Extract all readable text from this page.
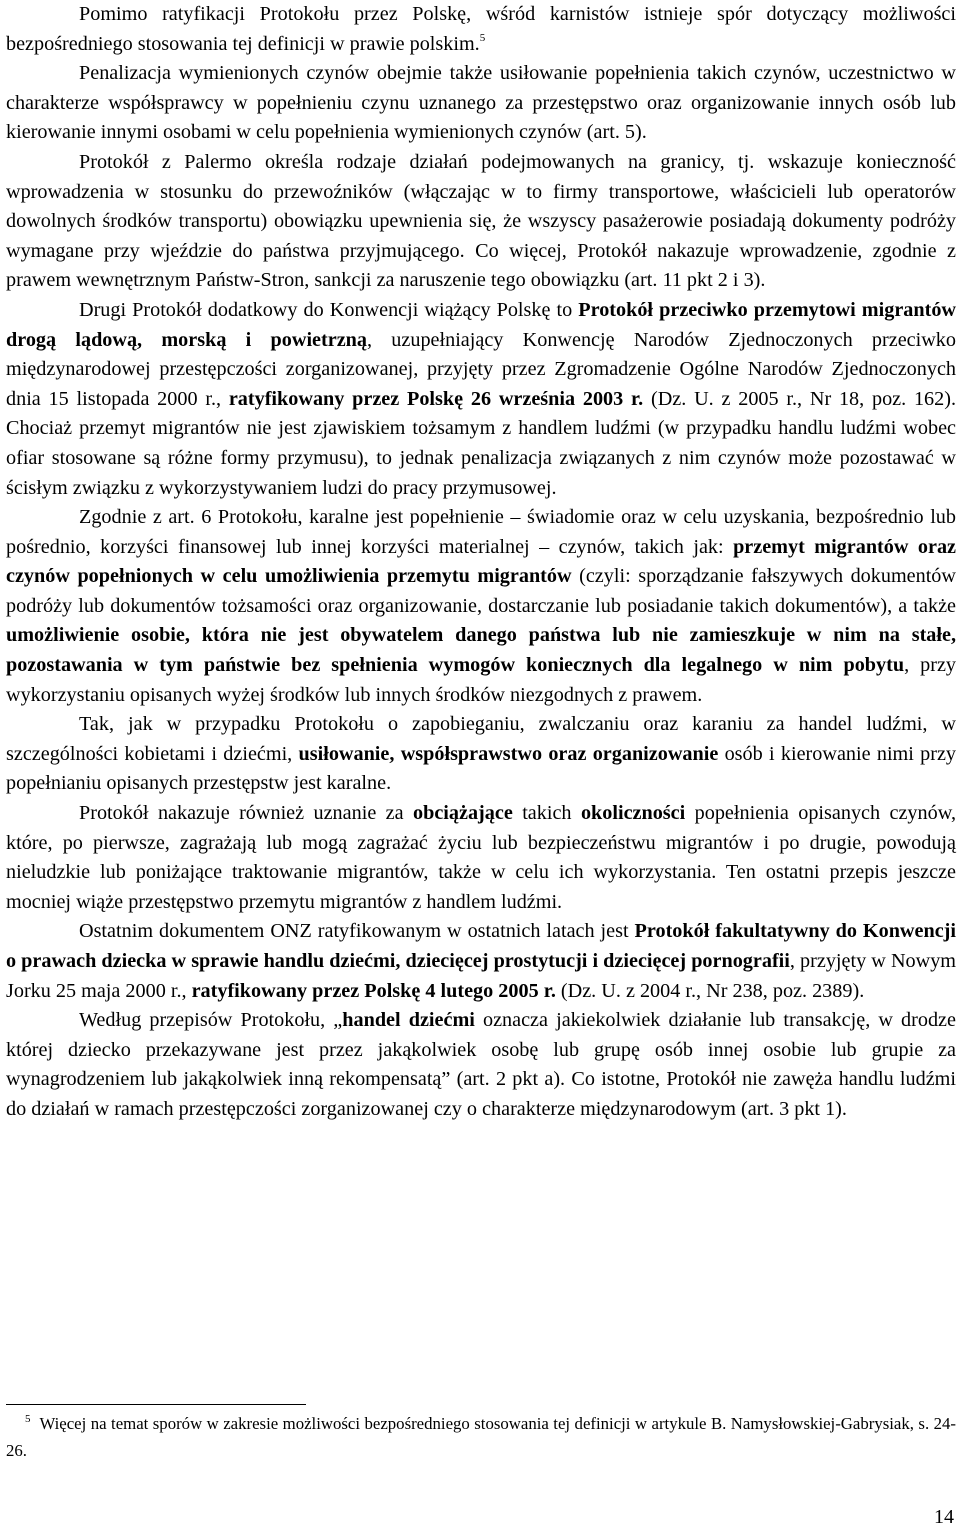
Pomimo ratyfikacji Protokołu przez Polskę, wśród karnistów istnieje spór dotyczący możliwości bezpośredniego stosowania tej definicji w prawie polskim.$^5$

Penalizacja wymienionych czynów obejmie także usiłowanie popełnienia takich czynów, uczestnictwo w charakterze współsprawcy w popełnieniu czynu uznanego za przestępstwo oraz organizowanie innych osób lub kierowanie innymi osobami w celu popełnienia wymienionych czynów (art. 5).

Protokół z Palermo określa rodzaje działań podejmowanych na granicy, tj. wskazuje konieczność wprowadzenia w stosunku do przewoźników (włączając w to firmy transportowe, właścicieli lub operatorów dowolnych środków transportu) obowiązku upewnienia się, że wszyscy pasażerowie posiadają dokumenty podróży wymagane przy wjeździe do państwa przyjmującego. Co więcej, Protokół nakazuje wprowadzenie, zgodnie z prawem wewnętrznym Państw-Stron, sankcji za naruszenie tego obowiązku (art. 11 pkt 2 i 3).

Drugi Protokół dodatkowy do Konwencji wiążący Polskę to Protokół przeciwko przemytowi migrantów drogą lądową, morską i powietrzną, uzupełniający Konwencję Narodów Zjednoczonych przeciwko międzynarodowej przestępczości zorganizowanej, przyjęty przez Zgromadzenie Ogólne Narodów Zjednoczonych dnia 15 listopada 2000 r., ratyfikowany przez Polskę 26 września 2003 r. (Dz. U. z 2005 r., Nr 18, poz. 162). Chociaż przemyt migrantów nie jest zjawiskiem tożsamym z handlem ludźmi (w przypadku handlu ludźmi wobec ofiar stosowane są różne formy przymusu), to jednak penalizacja związanych z nim czynów może pozostawać w ścisłym związku z wykorzystywaniem ludzi do pracy przymusowej.

Zgodnie z art. 6 Protokołu, karalne jest popełnienie – świadomie oraz w celu uzyskania, bezpośrednio lub pośrednio, korzyści finansowej lub innej korzyści materialnej – czynów, takich jak: przemyt migrantów oraz czynów popełnionych w celu umożliwienia przemytu migrantów (czyli: sporządzanie fałszywych dokumentów podróży lub dokumentów tożsamości oraz organizowanie, dostarczanie lub posiadanie takich dokumentów), a także umożliwienie osobie, która nie jest obywatelem danego państwa lub nie zamieszkuje w nim na stałe, pozostawania w tym państwie bez spełnienia wymogów koniecznych dla legalnego w nim pobytu, przy wykorzystaniu opisanych wyżej środków lub innych środków niezgodnych z prawem.

Tak, jak w przypadku Protokołu o zapobieganiu, zwalczaniu oraz karaniu za handel ludźmi, w szczególności kobietami i dziećmi, usiłowanie, współsprawstwo oraz organizowanie osób i kierowanie nimi przy popełnianiu opisanych przestępstw jest karalne.

Protokół nakazuje również uznanie za obciążające takich okoliczności popełnienia opisanych czynów, które, po pierwsze, zagrażają lub mogą zagrażać życiu lub bezpieczeństwu migrantów i po drugie, powodują nieludzkie lub poniżające traktowanie migrantów, także w celu ich wykorzystania. Ten ostatni przepis jeszcze mocniej wiąże przestępstwo przemytu migrantów z handlem ludźmi.

Ostatnim dokumentem ONZ ratyfikowanym w ostatnich latach jest Protokół fakultatywny do Konwencji o prawach dziecka w sprawie handlu dziećmi, dziecięcej prostytucji i dziecięcej pornografii, przyjęty w Nowym Jorku 25 maja 2000 r., ratyfikowany przez Polskę 4 lutego 2005 r. (Dz. U. z 2004 r., Nr 238, poz. 2389).

Według przepisów Protokołu, „handel dziećmi oznacza jakiekolwiek działanie lub transakcję, w drodze której dziecko przekazywane jest przez jakąkolwiek osobę lub grupę osób innej osobie lub grupie za wynagrodzeniem lub jakąkolwiek inną rekompensatą” (art. 2 pkt a). Co istotne, Protokół nie zawęża handlu ludźmi do działań w ramach przestępczości zorganizowanej czy o charakterze międzynarodowym (art. 3 pkt 1).

$^5$ Więcej na temat sporów w zakresie możliwości bezpośredniego stosowania tej definicji w artykule B. Namysłowskiej-Gabrysiak, s. 24-26.

14
